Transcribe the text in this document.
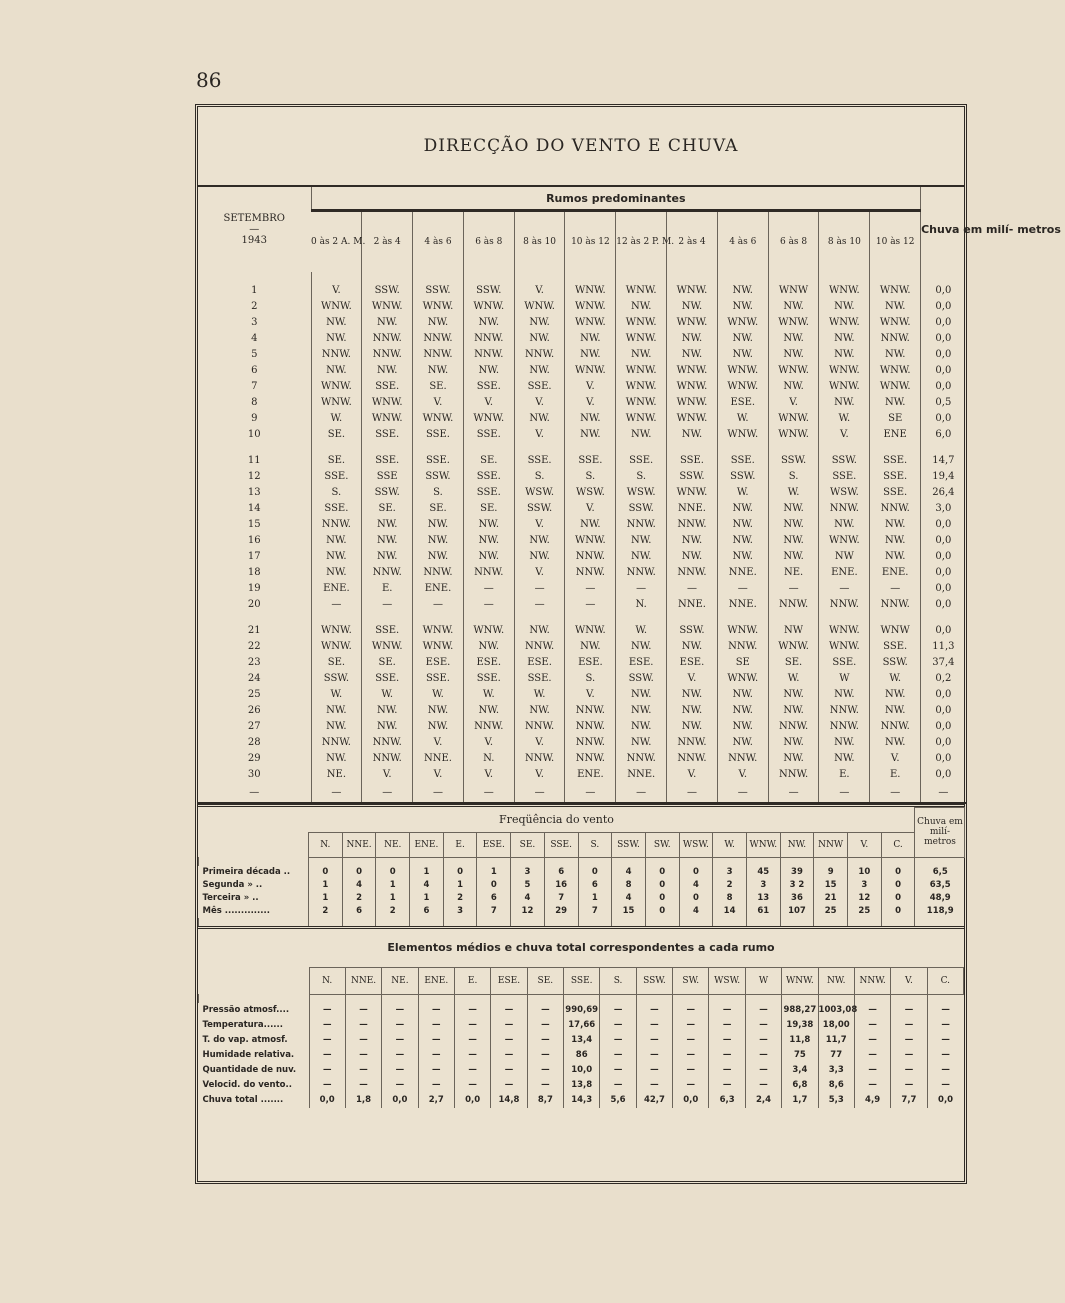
86
DIRECÇÃO DO VENTO E CHUVA
SETEMBRO
—
1943	Rumos predominantes												Chuva em milí- metros
	0 às 2 A. M.	2 às 4	4 às 6	6 às 8	8 às 10	10 às 12	12 às 2 P. M.	2 às 4	4 às 6	6 às 8	8 às 10	10 às 12	

1	V.	SSW.	SSW.	SSW.	V.	WNW.	WNW.	WNW.	NW.	WNW	WNW.	WNW.	0,0
2	WNW.	WNW.	WNW.	WNW.	WNW.	WNW.	NW.	NW.	NW.	NW.	NW.	NW.	0,0
3	NW.	NW.	NW.	NW.	NW.	WNW.	WNW.	WNW.	WNW.	WNW.	WNW.	WNW.	0,0
4	NW.	NNW.	NNW.	NNW.	NW.	NW.	WNW.	NW.	NW.	NW.	NW.	NNW.	0,0
5	NNW.	NNW.	NNW.	NNW.	NNW.	NW.	NW.	NW.	NW.	NW.	NW.	NW.	0,0
6	NW.	NW.	NW.	NW.	NW.	WNW.	WNW.	WNW.	WNW.	WNW.	WNW.	WNW.	0,0
7	WNW.	SSE.	SE.	SSE.	SSE.	V.	WNW.	WNW.	WNW.	NW.	WNW.	WNW.	0,0
8	WNW.	WNW.	V.	V.	V.	V.	WNW.	WNW.	ESE.	V.	NW.	NW.	0,5
9	W.	WNW.	WNW.	WNW.	NW.	NW.	WNW.	WNW.	W.	WNW.	W.	SE	0,0
10	SE.	SSE.	SSE.	SSE.	V.	NW.	NW.	NW.	WNW.	WNW.	V.	ENE	6,0

11	SE.	SSE.	SSE.	SE.	SSE.	SSE.	SSE.	SSE.	SSE.	SSW.	SSW.	SSE.	14,7
12	SSE.	SSE	SSW.	SSE.	S.	S.	S.	SSW.	SSW.	S.	SSE.	SSE.	19,4
13	S.	SSW.	S.	SSE.	WSW.	WSW.	WSW.	WNW.	W.	W.	WSW.	SSE.	26,4
14	SSE.	SE.	SE.	SE.	SSW.	V.	SSW.	NNE.	NW.	NW.	NNW.	NNW.	3,0
15	NNW.	NW.	NW.	NW.	V.	NW.	NNW.	NNW.	NW.	NW.	NW.	NW.	0,0
16	NW.	NW.	NW.	NW.	NW.	WNW.	NW.	NW.	NW.	NW.	WNW.	NW.	0,0
17	NW.	NW.	NW.	NW.	NW.	NNW.	NW.	NW.	NW.	NW.	NW	NW.	0,0
18	NW.	NNW.	NNW.	NNW.	V.	NNW.	NNW.	NNW.	NNE.	NE.	ENE.	ENE.	0,0
19	ENE.	E.	ENE.	—	—	—	—	—	—	—	—	—	0,0
20	—	—	—	—	—	—	N.	NNE.	NNE.	NNW.	NNW.	NNW.	0,0

21	WNW.	SSE.	WNW.	WNW.	NW.	WNW.	W.	SSW.	WNW.	NW	WNW.	WNW	0,0
22	WNW.	WNW.	WNW.	NW.	NNW.	NW.	NW.	NW.	NNW.	WNW.	WNW.	SSE.	11,3
23	SE.	SE.	ESE.	ESE.	ESE.	ESE.	ESE.	ESE.	SE	SE.	SSE.	SSW.	37,4
24	SSW.	SSE.	SSE.	SSE.	SSE.	S.	SSW.	V.	WNW.	W.	W	W.	0,2
25	W.	W.	W.	W.	W.	V.	NW.	NW.	NW.	NW.	NW.	NW.	0,0
26	NW.	NW.	NW.	NW.	NW.	NNW.	NW.	NW.	NW.	NW.	NNW.	NW.	0,0
27	NW.	NW.	NW.	NNW.	NNW.	NNW.	NW.	NW.	NW.	NNW.	NNW.	NNW.	0,0
28	NNW.	NNW.	V.	V.	V.	NNW.	NW.	NNW.	NW.	NW.	NW.	NW.	0,0
29	NW.	NNW.	NNE.	N.	NNW.	NNW.	NNW.	NNW.	NNW.	NW.	NW.	V.	0,0
30	NE.	V.	V.	V.	V.	ENE.	NNE.	V.	V.	NNW.	E.	E.	0,0
—	—	—	—	—	—	—	—	—	—	—	—	—	—
Freqüência do vento																			Chuva em milí- metros
	N.	NNE.	NE.	ENE.	E.	ESE.	SE.	SSE.	S.	SSW.	SW.	WSW.	W.	WNW.	NW.	NNW	V.	C.	

Primeira década ..	0	0	0	1	0	1	3	6	0	4	0	0	3	45	39	9	10	0	6,5
Segunda » ..	1	4	1	4	1	0	5	16	6	8	0	4	2	3	3 2	15	3	0	63,5
Terceira » ..	1	2	1	1	2	6	4	7	1	4	0	0	8	13	36	21	12	0	48,9
Mês ..............	2	6	2	6	3	7	12	29	7	15	0	4	14	61	107	25	25	0	118,9

Elementos médios e chuva total correspondentes a cada rumo
	N.	NNE.	NE.	ENE.	E.	ESE.	SE.	SSE.	S.	SSW.	SW.	WSW.	W	WNW.	NW.	NNW.	V.	C.

Pressão atmosf....	—	—	—	—	—	—	—	990,69	—	—	—	—	—	988,27	1003,08	—	—	—
Temperatura......	—	—	—	—	—	—	—	17,66	—	—	—	—	—	19,38	18,00	—	—	—
T. do vap. atmosf.	—	—	—	—	—	—	—	13,4	—	—	—	—	—	11,8	11,7	—	—	—
Humidade relativa.	—	—	—	—	—	—	—	86	—	—	—	—	—	75	77	—	—	—
Quantidade de nuv.	—	—	—	—	—	—	—	10,0	—	—	—	—	—	3,4	3,3	—	—	—
Velocid. do vento..	—	—	—	—	—	—	—	13,8	—	—	—	—	—	6,8	8,6	—	—	—
Chuva total .......	0,0	1,8	0,0	2,7	0,0	14,8	8,7	14,3	5,6	42,7	0,0	6,3	2,4	1,7	5,3	4,9	7,7	0,0
